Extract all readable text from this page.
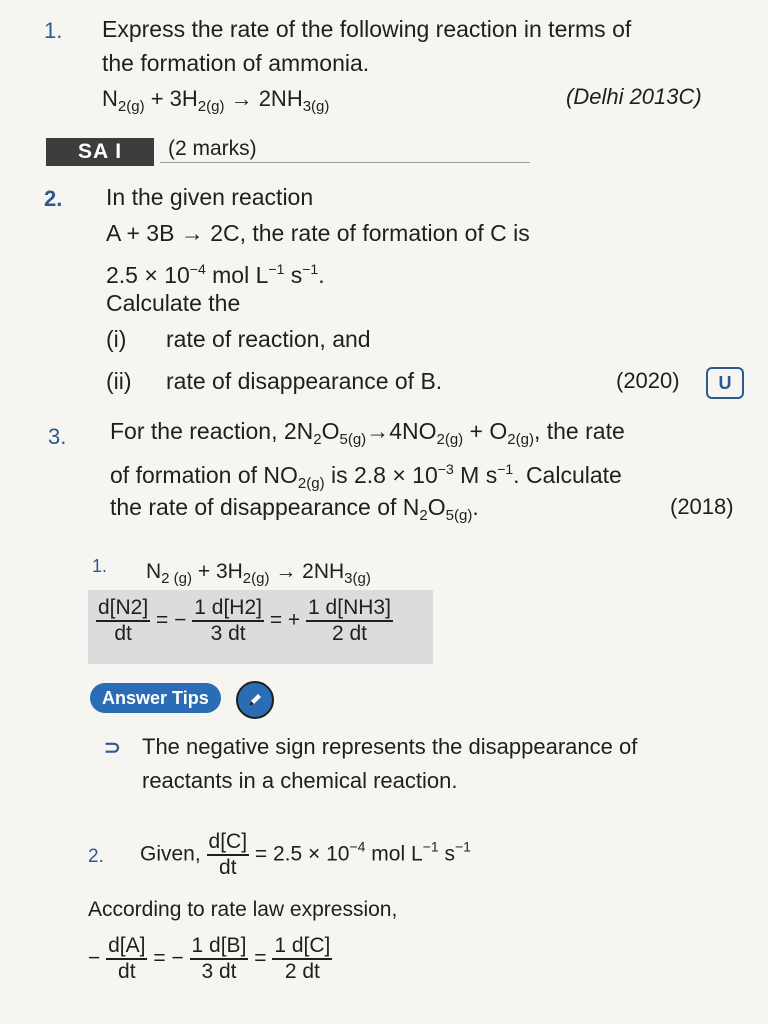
1. Express the rate of the following reaction in terms of
the formation of ammonia.
$N_{2(g)} + 3H_{2(g)} \to 2NH_{3(g)}$	(Delhi 2013C)
SA I	(2 marks)
2. In the given reaction
A + 3B → 2C, the rate of formation of C is
$2.5 \times 10^{-4}$ mol $L^{-1}$ $s^{-1}$.
Calculate the
(i) rate of reaction, and
(ii) rate of disappearance of B.	(2020)	U
3. For the reaction, $2N_2O_{5(g)}\to 4NO_{2(g)} + O_{2(g)}$, the rate
of formation of $NO_{2(g)}$ is $2.8 \times 10^{-3}$ M $s^{-1}$. Calculate
the rate of disappearance of $N_2O_{5(g)}$.	(2018)
1. $N_{2 (g)} + 3H_{2(g)} \to 2NH_{3(g)}$
$\frac{d[N2]}{dt}$ = − $\frac{1 d[H2]}{3 dt}$ = + $\frac{1 d[NH3]}{2 dt}$
Answer Tips
⊃ The negative sign represents the disappearance of reactants in a chemical reaction.
2. Given, $\frac{d[C]}{dt} = 2.5 \times 10^{-4}$ mol $L^{-1}$ $s^{-1}$
According to rate law expression,
− $\frac{d[A]}{dt}$ = − $\frac{1 d[B]}{3 dt} = \frac{1 d[C]}{2 dt}$
